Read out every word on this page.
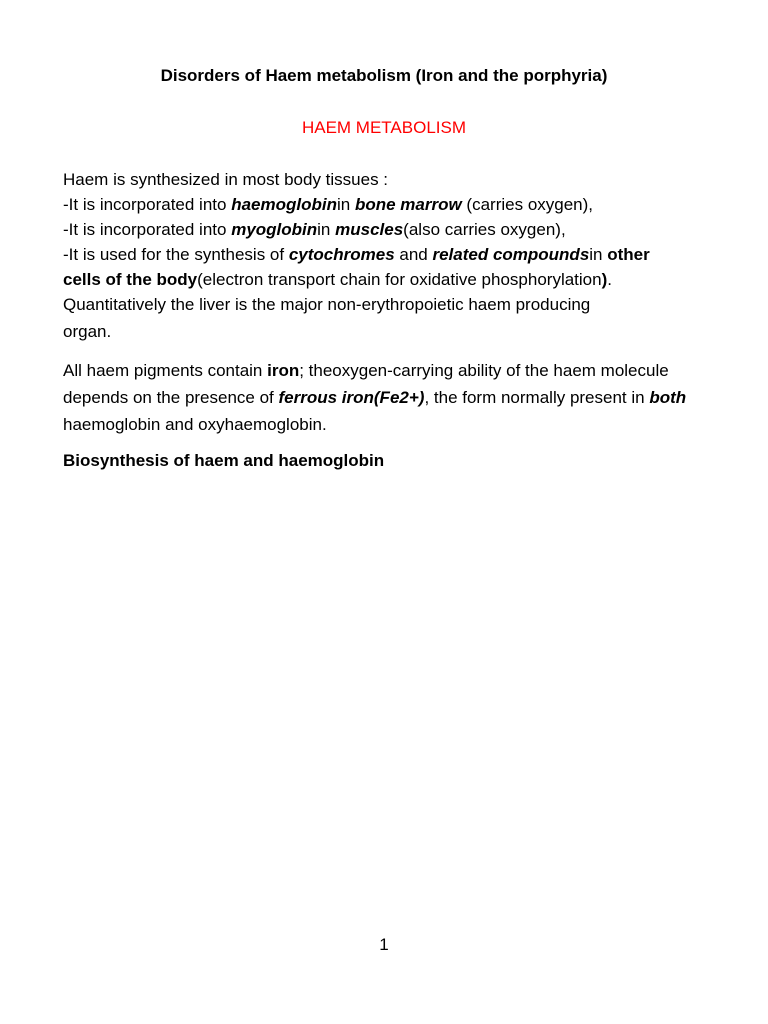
Disorders of Haem metabolism (Iron and the porphyria)
HAEM METABOLISM
Haem is synthesized in most body tissues :
-It is incorporated into haemoglobinin bone marrow (carries oxygen),
-It is incorporated into myoglobinin muscles(also carries oxygen),
-It is used for the synthesis of cytochromes and related compoundsin other
cells of the body(electron transport chain for oxidative phosphorylation).
Quantitatively the liver is the major non-erythropoietic haem producing
organ.
All haem pigments contain iron; theoxygen-carrying ability of the haem molecule depends on the presence of ferrous iron(Fe2+), the form normally present in both haemoglobin and oxyhaemoglobin.
Biosynthesis of haem and haemoglobin
1
